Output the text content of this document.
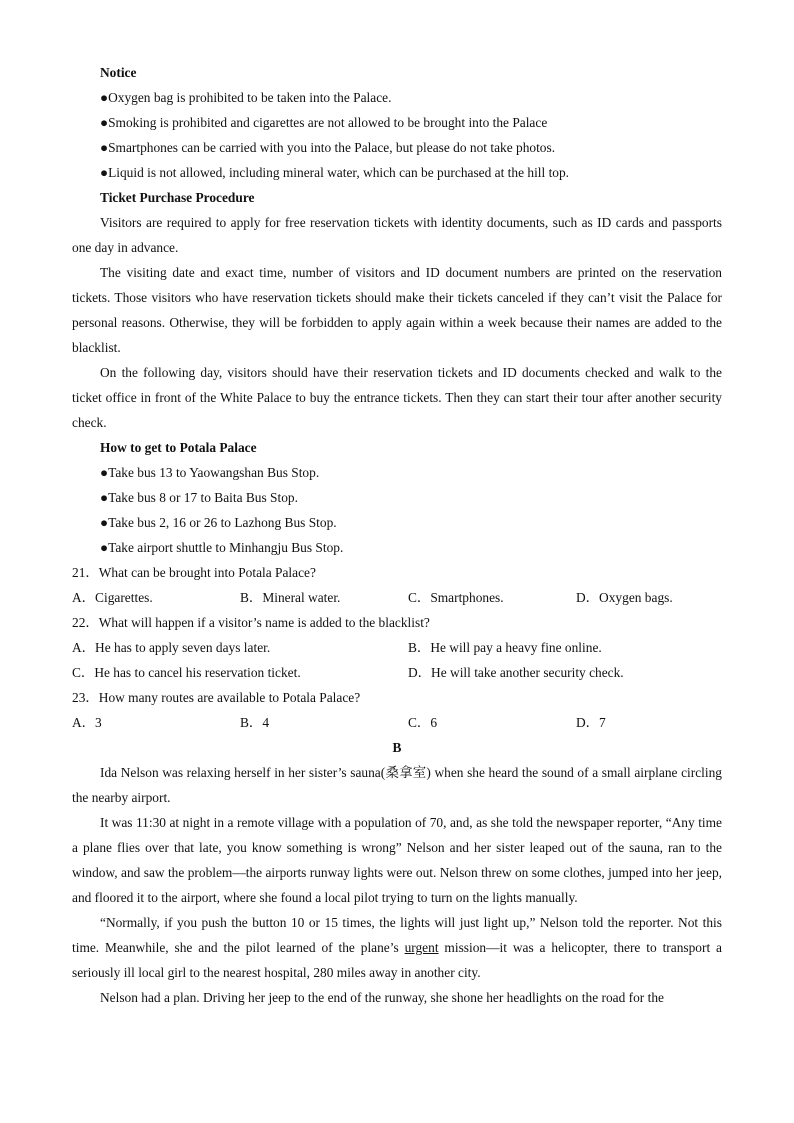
Notice

●Oxygen bag is prohibited to be taken into the Palace.

●Smoking is prohibited and cigarettes are not allowed to be brought into the Palace

●Smartphones can be carried with you into the Palace, but please do not take photos.

●Liquid is not allowed, including mineral water, which can be purchased at the hill top.

Ticket Purchase Procedure

Visitors are required to apply for free reservation tickets with identity documents, such as ID cards and passports one day in advance.

The visiting date and exact time, number of visitors and ID document numbers are printed on the reservation tickets. Those visitors who have reservation tickets should make their tickets canceled if they can’t visit the Palace for personal reasons. Otherwise, they will be forbidden to apply again within a week because their names are added to the blacklist.

On the following day, visitors should have their reservation tickets and ID documents checked and walk to the ticket office in front of the White Palace to buy the entrance tickets. Then they can start their tour after another security check.

How to get to Potala Palace

●Take bus 13 to Yaowangshan Bus Stop.

●Take bus 8 or 17 to Baita Bus Stop.

●Take bus 2, 16 or 26 to Lazhong Bus Stop.

●Take airport shuttle to Minhangju Bus Stop.

21．What can be brought into Potala Palace?

A．Cigarettes.	B．Mineral water.	C．Smartphones.	D．Oxygen bags.

22．What will happen if a visitor’s name is added to the blacklist?

A．He has to apply seven days later.	B．He will pay a heavy fine online.
C．He has to cancel his reservation ticket.	D．He will take another security check.

23．How many routes are available to Potala Palace?

A．3	B．4	C．6	D．7

B

Ida Nelson was relaxing herself in her sister’s sauna(桑拿室) when she heard the sound of a small airplane circling the nearby airport.

It was 11:30 at night in a remote village with a population of 70, and, as she told the newspaper reporter, “Any time a plane flies over that late, you know something is wrong” Nelson and her sister leaped out of the sauna, ran to the window, and saw the problem—the airports runway lights were out. Nelson threw on some clothes, jumped into her jeep, and floored it to the airport, where she found a local pilot trying to turn on the lights manually.

“Normally, if you push the button 10 or 15 times, the lights will just light up,” Nelson told the reporter. Not this time. Meanwhile, she and the pilot learned of the plane’s urgent mission—it was a helicopter, there to transport a seriously ill local girl to the nearest hospital, 280 miles away in another city.

Nelson had a plan. Driving her jeep to the end of the runway, she shone her headlights on the road for the
